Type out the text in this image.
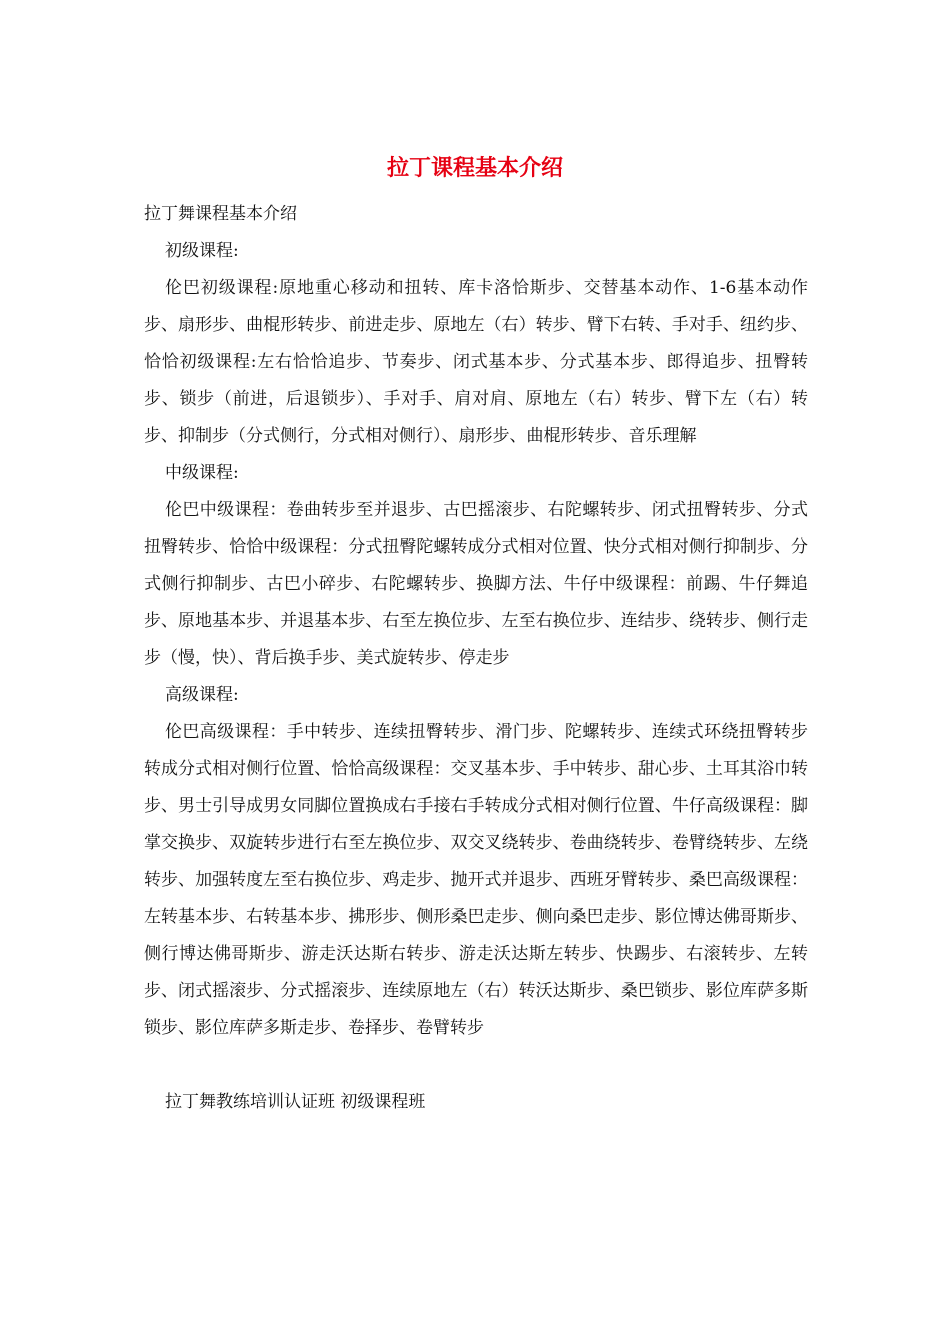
拉丁课程基本介绍

拉丁舞课程基本介绍

初级课程:

伦巴初级课程:原地重心移动和扭转、库卡洛恰斯步、交替基本动作、1-6基本动作步、扇形步、曲棍形转步、前进走步、原地左（右）转步、臂下右转、手对手、纽约步、恰恰初级课程:左右恰恰追步、节奏步、闭式基本步、分式基本步、郎得追步、扭臀转步、锁步（前进，后退锁步）、手对手、肩对肩、原地左（右）转步、臂下左（右）转步、抑制步（分式侧行，分式相对侧行）、扇形步、曲棍形转步、音乐理解

中级课程:

伦巴中级课程：卷曲转步至并退步、古巴摇滚步、右陀螺转步、闭式扭臀转步、分式扭臀转步、恰恰中级课程：分式扭臀陀螺转成分式相对位置、快分式相对侧行抑制步、分式侧行抑制步、古巴小碎步、右陀螺转步、换脚方法、牛仔中级课程：前踢、牛仔舞追步、原地基本步、并退基本步、右至左换位步、左至右换位步、连结步、绕转步、侧行走步（慢，快）、背后换手步、美式旋转步、停走步

高级课程:

伦巴高级课程：手中转步、连续扭臀转步、滑门步、陀螺转步、连续式环绕扭臀转步转成分式相对侧行位置、恰恰高级课程：交叉基本步、手中转步、甜心步、土耳其浴巾转步、男士引导成男女同脚位置换成右手接右手转成分式相对侧行位置、牛仔高级课程：脚掌交换步、双旋转步进行右至左换位步、双交叉绕转步、卷曲绕转步、卷臂绕转步、左绕转步、加强转度左至右换位步、鸡走步、抛开式并退步、西班牙臂转步、桑巴高级课程：左转基本步、右转基本步、拂形步、侧形桑巴走步、侧向桑巴走步、影位博达佛哥斯步、侧行博达佛哥斯步、游走沃达斯右转步、游走沃达斯左转步、快踢步、右滚转步、左转步、闭式摇滚步、分式摇滚步、连续原地左（右）转沃达斯步、桑巴锁步、影位库萨多斯锁步、影位库萨多斯走步、卷择步、卷臂转步

拉丁舞教练培训认证班 初级课程班
